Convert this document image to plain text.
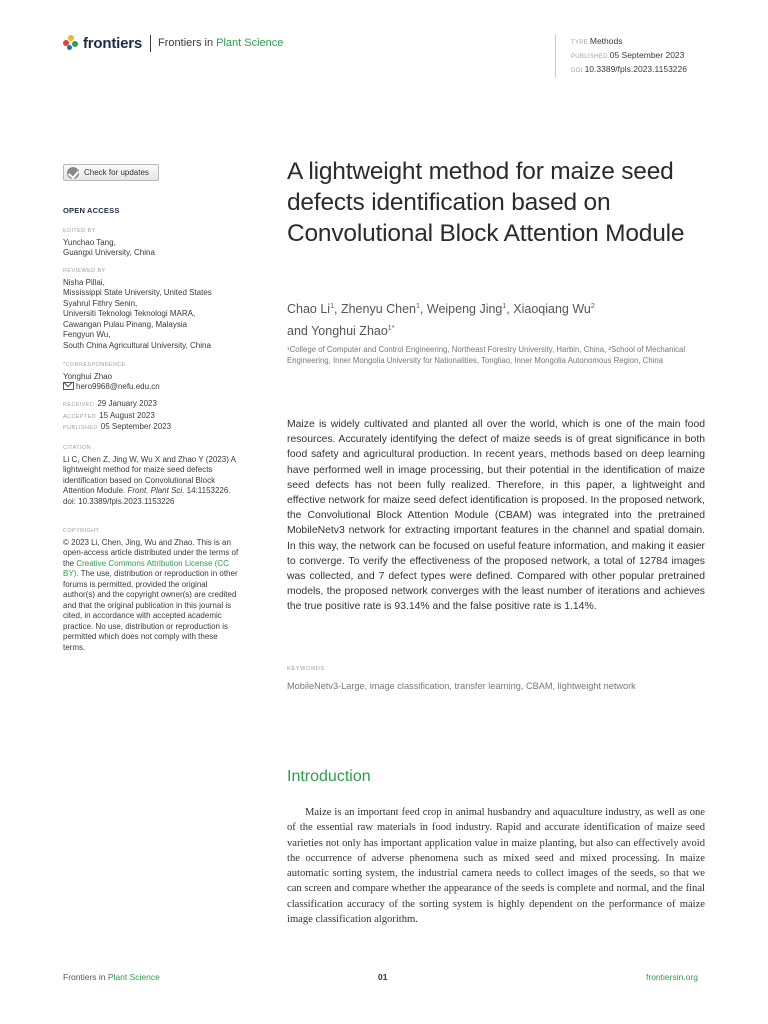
frontiers Frontiers in Plant Science	TYPE Methods
PUBLISHED 05 September 2023
DOI 10.3389/fpls.2023.1153226
Check for updates
OPEN ACCESS
EDITED BY
Yunchao Tang,
Guangxi University, China
REVIEWED BY
Nisha Pillai,
Mississippi State University, United States
Syahrul Fithry Senin,
Universiti Teknologi Teknologi MARA,
Cawangan Pulau Pinang, Malaysia
Fengyun Wu,
South China Agricultural University, China
*CORRESPONDENCE
Yonghui Zhao
hero9968@nefu.edu.cn
RECEIVED 29 January 2023
ACCEPTED 15 August 2023
PUBLISHED 05 September 2023
CITATION
Li C, Chen Z, Jing W, Wu X and Zhao Y (2023) A lightweight method for maize seed defects identification based on Convolutional Block Attention Module. Front. Plant Sci. 14:1153226. doi: 10.3389/fpls.2023.1153226
COPYRIGHT
© 2023 Li, Chen, Jing, Wu and Zhao. This is an open-access article distributed under the terms of the Creative Commons Attribution License (CC BY). The use, distribution or reproduction in other forums is permitted, provided the original author(s) and the copyright owner(s) are credited and that the original publication in this journal is cited, in accordance with accepted academic practice. No use, distribution or reproduction is permitted which does not comply with these terms.
A lightweight method for maize seed defects identification based on Convolutional Block Attention Module
Chao Li$^1$, Zhenyu Chen$^1$, Weipeng Jing$^1$, Xiaoqiang Wu$^2$
and Yonghui Zhao$^{1*}$
¹College of Computer and Control Engineering, Northeast Forestry University, Harbin, China, ²School of Mechanical Engineering, Inner Mongolia University for Nationalities, Tongliao, Inner Mongolia Autonomous Region, China
Maize is widely cultivated and planted all over the world, which is one of the main food resources. Accurately identifying the defect of maize seeds is of great significance in both food safety and agricultural production. In recent years, methods based on deep learning have performed well in image processing, but their potential in the identification of maize seed defects has not been fully realized. Therefore, in this paper, a lightweight and effective network for maize seed defect identification is proposed. In the proposed network, the Convolutional Block Attention Module (CBAM) was integrated into the pretrained MobileNetv3 network for extracting important features in the channel and spatial domain. In this way, the network can be focused on useful feature information, and making it easier to converge. To verify the effectiveness of the proposed network, a total of 12784 images was collected, and 7 defect types were defined. Compared with other popular pretrained models, the proposed network converges with the least number of iterations and achieves the true positive rate is 93.14% and the false positive rate is 1.14%.
KEYWORDS
MobileNetv3-Large, image classification, transfer learning, CBAM, lightweight network
Introduction
Maize is an important feed crop in animal husbandry and aquaculture industry, as well as one of the essential raw materials in food industry. Rapid and accurate identification of maize seed varieties not only has important application value in maize planting, but also can effectively avoid the occurrence of adverse phenomena such as mixed seed and mixed processing. In maize automatic sorting system, the industrial camera needs to collect images of the seeds, so that we can screen and compare whether the appearance of the seeds is complete and normal, and the final classification accuracy of the sorting system is highly dependent on the performance of maize image classification algorithm.
Frontiers in Plant Science	01	frontiersin.org
